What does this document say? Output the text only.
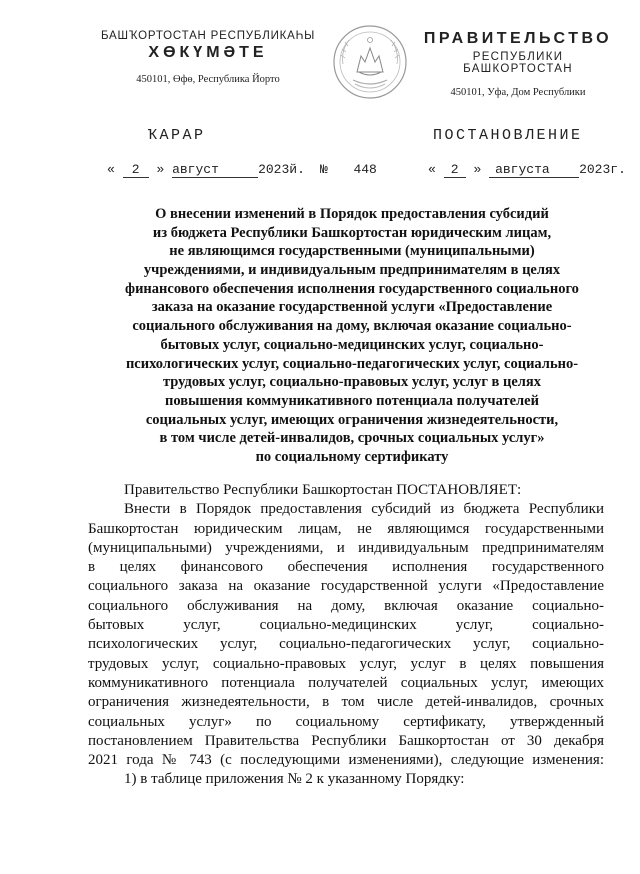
БАШҠОРТОСТАН РЕСПУБЛИКАҺЫ
ХӨКҮМӘТЕ
450101, Өфө, Республика Йорто
ПРАВИТЕЛЬСТВО
РЕСПУБЛИКИ БАШКОРТОСТАН
450101, Уфа, Дом Республики
ҠАРАР	ПОСТАНОВЛЕНИЕ
« 2 » август	2023й. № 448	« 2 » августа 2023г.
О внесении изменений в Порядок предоставления субсидий
из бюджета Республики Башкортостан юридическим лицам,
не являющимся государственными (муниципальными)
учреждениями, и индивидуальным предпринимателям в целях
финансового обеспечения исполнения государственного социального
заказа на оказание государственной услуги «Предоставление
социального обслуживания на дому, включая оказание социально-
бытовых услуг, социально-медицинских услуг, социально-
психологических услуг, социально-педагогических услуг, социально-
трудовых услуг, социально-правовых услуг, услуг в целях
повышения коммуникативного потенциала получателей
социальных услуг, имеющих ограничения жизнедеятельности,
в том числе детей-инвалидов, срочных социальных услуг»
по социальному сертификату
Правительство Республики Башкортостан ПОСТАНОВЛЯЕТ:
Внести в Порядок предоставления субсидий из бюджета Республики
Башкортостан юридическим лицам, не являющимся государственными
(муниципальными) учреждениями, и индивидуальным предпринимателям
в целях финансового обеспечения исполнения государственного
социального заказа на оказание государственной услуги «Предоставление
социального обслуживания на дому, включая оказание социально-
бытовых услуг, социально-медицинских услуг, социально-
психологических услуг, социально-педагогических услуг, социально-
трудовых услуг, социально-правовых услуг, услуг в целях повышения
коммуникативного потенциала получателей социальных услуг, имеющих
ограничения жизнедеятельности, в том числе детей-инвалидов, срочных
социальных услуг» по социальному сертификату, утвержденный
постановлением Правительства Республики Башкортостан от 30 декабря
2021 года № 743 (с последующими изменениями), следующие изменения:
1) в таблице приложения № 2 к указанному Порядку:
